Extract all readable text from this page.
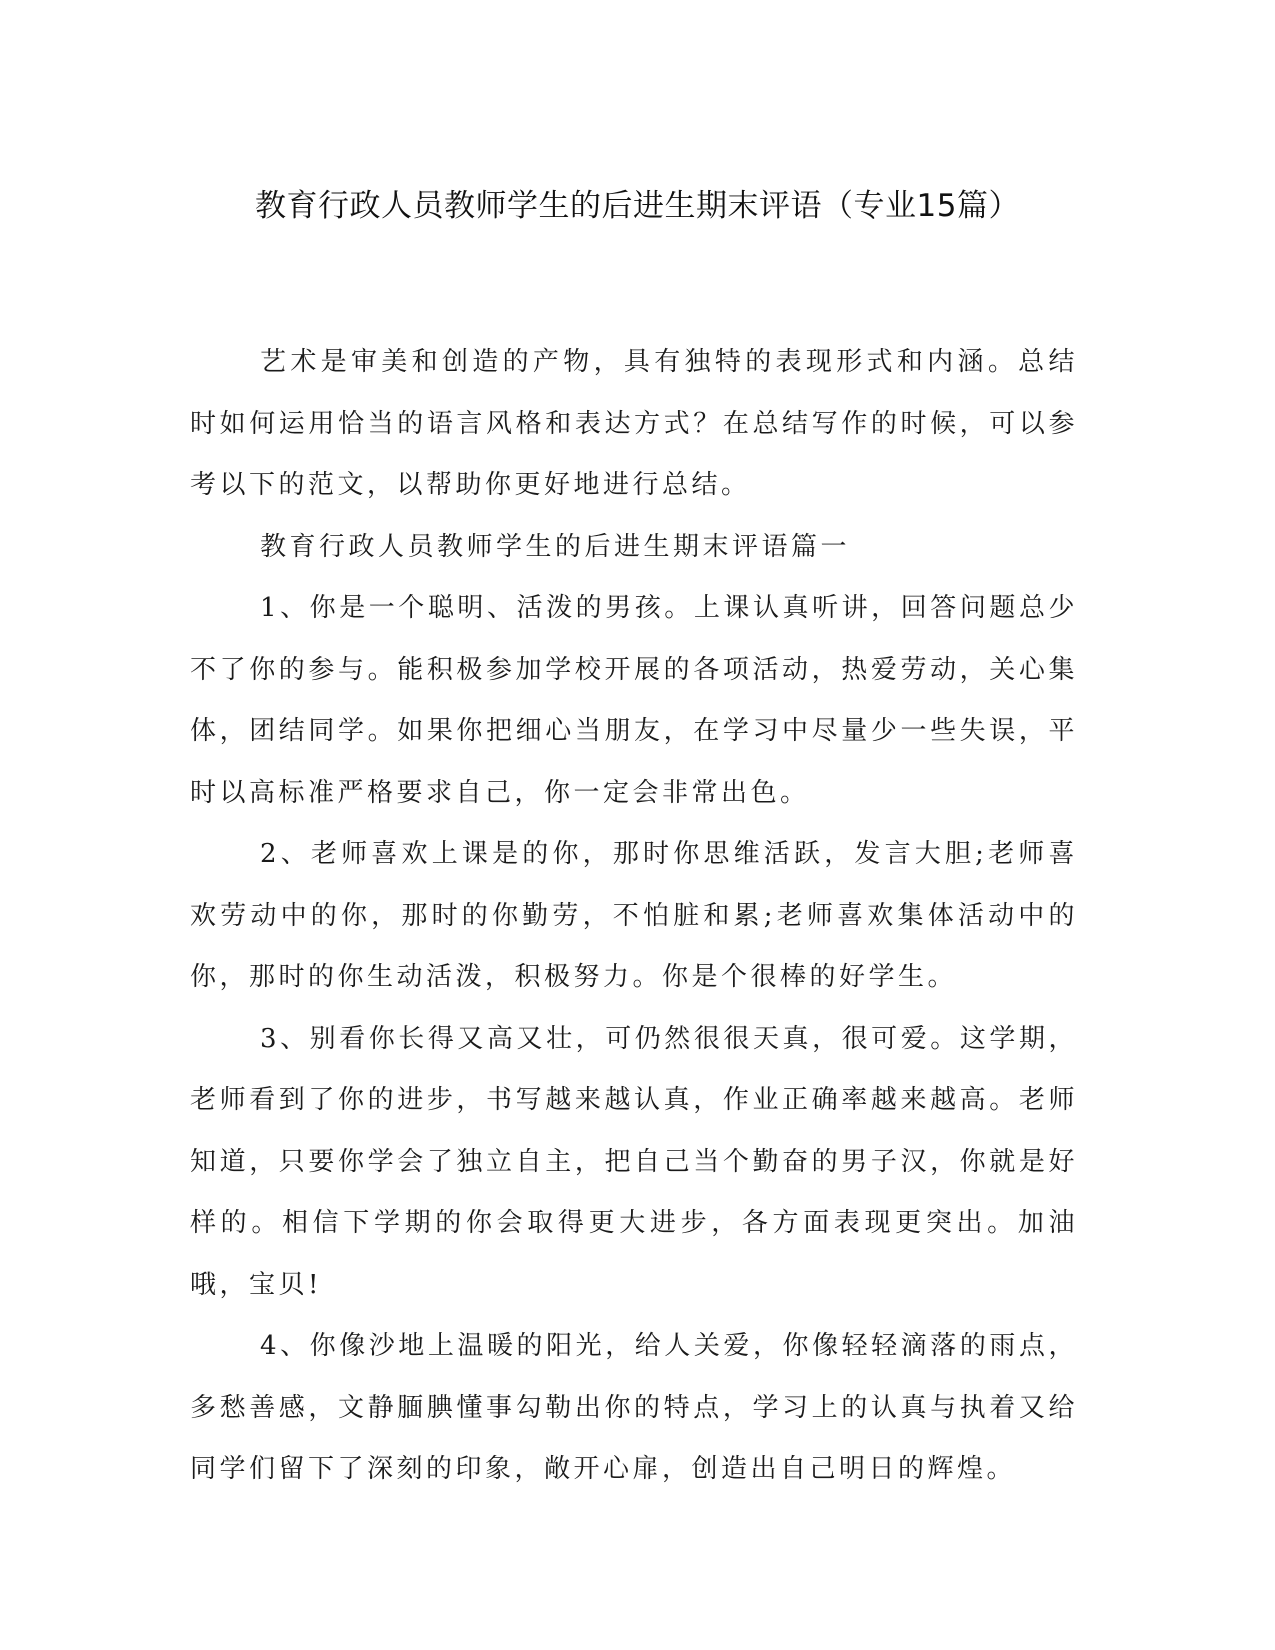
教育行政人员教师学生的后进生期末评语（专业15篇）

艺术是审美和创造的产物，具有独特的表现形式和内涵。总结时如何运用恰当的语言风格和表达方式？在总结写作的时候，可以参考以下的范文，以帮助你更好地进行总结。

教育行政人员教师学生的后进生期末评语篇一

1、你是一个聪明、活泼的男孩。上课认真听讲，回答问题总少不了你的参与。能积极参加学校开展的各项活动，热爱劳动，关心集体，团结同学。如果你把细心当朋友，在学习中尽量少一些失误，平时以高标准严格要求自己，你一定会非常出色。

2、老师喜欢上课是的你，那时你思维活跃，发言大胆;老师喜欢劳动中的你，那时的你勤劳，不怕脏和累;老师喜欢集体活动中的你，那时的你生动活泼，积极努力。你是个很棒的好学生。

3、别看你长得又高又壮，可仍然很很天真，很可爱。这学期，老师看到了你的进步，书写越来越认真，作业正确率越来越高。老师知道，只要你学会了独立自主，把自己当个勤奋的男子汉，你就是好样的。相信下学期的你会取得更大进步，各方面表现更突出。加油哦，宝贝!

4、你像沙地上温暖的阳光，给人关爱，你像轻轻滴落的雨点，多愁善感，文静腼腆懂事勾勒出你的特点，学习上的认真与执着又给同学们留下了深刻的印象，敞开心扉，创造出自己明日的辉煌。
